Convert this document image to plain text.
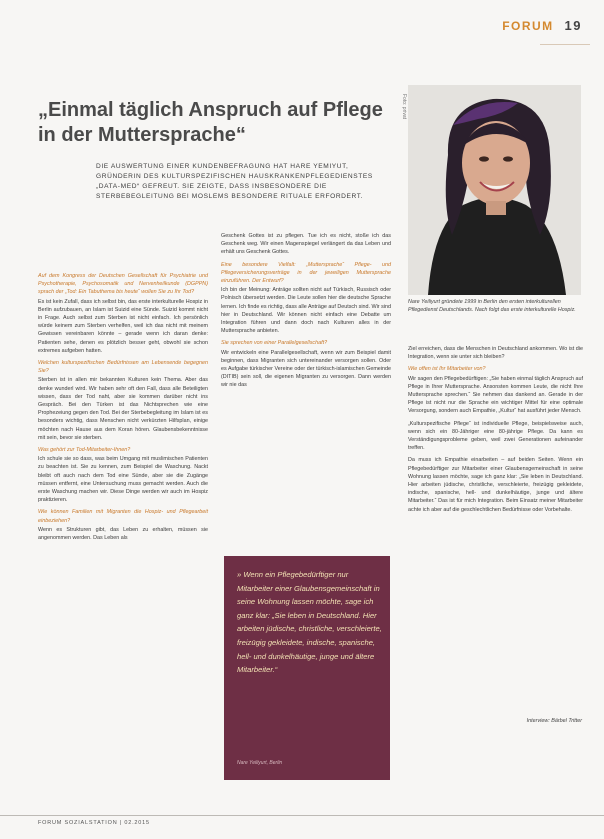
FORUM 19
„Einmal täglich Anspruch auf Pflege in der Muttersprache“
DIE AUSWERTUNG EINER KUNDENBEFRAGUNG HAT HARE YEMIYUT, GRÜNDERIN DES KULTURSPEZIFISCHEN HAUSKRANKENPFLEGEDIENSTES „DATA-MED“ GEFREUT. SIE ZEIGTE, DASS INSBESONDERE DIE STERBEBEGLEITUNG BEI MOSLEMS BESONDERE RITUALE ERFORDERT.
Foto: privat
Nare Yeiliyurt gründete 1999 in Berlin den ersten interkulturellen Pflegedienst Deutschlands. Nach folgt das erste interkulturelle Hospiz.

Auf dem Kongress der Deutschen Gesellschaft für Psychiatrie und Psychotherapie, Psychosomatik und Nervenheilkunde (DGPPN) sprach der „Tod: Ein Tabuthema bis heute“ wollen Sie zu Ihr Tod?
Es ist kein Zufall, dass ich selbst bin, das erste interkulturelle Hospiz in Berlin aufzubauen, an Islam ist Suizid eine Sünde. Suizid kommt nicht in Frage. Auch selbst zum Sterben ist nicht einfach. Ich persönlich würde keinem zum Sterben verhelfen, weil ich das nicht mit meinem Gewissen vereinbaren könnte – gerade wenn ich daran denke: Patienten sehe, denen es plötzlich besser geht, obwohl sie schon extremes aufgeben hatten.

Welchen kulturspezifischen Bedürfnissen am Lebensende begegnen Sie?
Sterben ist in allen mir bekannten Kulturen kein Thema. Aber das denke wunderl wird. Wir haben sehr oft den Fall, dass alle Beteiligten wissen, dass der Tod naht, aber sie kommen darüber nicht ins Gespräch. Bei den Türken ist das Nichtsprechen wie eine Prophezeiung gegen den Tod. Bei der Sterbebegleitung im Islam ist es besonders wichtig, dass Menschen nicht verkürzten Hilfsplan, einige möchten nach Hause aus dem Koran hören. Glaubensbekenntnisse mit sein, bevor sie sterben.

Was gehört zur Tod-Mitarbeiter-Ihnen?
Ich schule sie so dass, was beim Umgang mit muslimischen Patienten zu beachten ist. Sie zu kennen, zum Beispiel die Waschung. Nackt bleibt oft auch nach dem Tod eine Sünde, aber sie die Zugänge müssen entfernt, eine Untersuchung muss gemacht werden. Auch die erste Waschung machen wir. Diese Dinge werden wir auch im Hospiz praktizieren.

Wie können Familien mit Migranten die Hospiz- und Pflegearbeit einbeziehen?
Wenn es Strukturen gibt, das Leben zu erhalten, müssen sie angenommen werden. Das Leben als

Geschenk Gottes ist zu pflegen. Tue ich es nicht, stoße ich das Geschenk weg. Wir einen Magenspiegel verlängert da das Leben und erhält uns Geschenk Gottes.

Eine besondere Vielfalt: „Muttersprache“ Pflege- und Pflegeversicherungsverträge in der jeweiligen Muttersprache einzuführen. Der Entwurf?
Ich bin der Meinung: Anträge sollten nicht auf Türkisch, Russisch oder Polnisch übersetzt werden. Die Leute sollen hier die deutsche Sprache lernen. Ich finde es richtig, dass alle Anträge auf Deutsch sind. Wir sind hier in Deutschland. Wir können nicht einfach eine Debatte um Integration führen und dann doch nach Kulturen alles in der Muttersprache anbieten.

Sie sprechen von einer Parallelgesellschaft?
Wir entwickeln eine Parallelgesellschaft, wenn wir zum Beispiel damit beginnen, dass Migranten sich untereinander versorgen sollen. Oder es Aufgabe türkischer Vereine oder der türkisch-islamischen Gemeinde (DITIB) sein soll, die eigenen Migranten zu versorgen. Dann werden wir nie das

» Wenn ein Pflegebedürftiger nur Mitarbeiter einer Glaubensgemeinschaft in seine Wohnung lassen möchte, sage ich ganz klar: „Sie leben in Deutschland. Hier arbeiten jüdische, christliche, verschleierte, freizügig gekleidete, indische, spanische, hell- und dunkelhäutige, junge und ältere Mitarbeiter.“
Nare Yeiliyurt, Berlin

Ziel erreichen, dass die Menschen in Deutschland ankommen. Wo ist die Integration, wenn sie unter sich bleiben?

Wie offen ist Ihr Mitarbeiter von?
Wir sagen den Pflegebedürftigen: „Sie haben einmal täglich Anspruch auf Pflege in Ihrer Muttersprache. Ansonsten kommen Leute, die nicht Ihre Muttersprache sprechen.“ Sie nehmen das dankend an. Gerade in der Pflege ist nicht nur die Sprache ein wichtiger Mittel für eine optimale Versorgung, sondern auch Empathie, „Kultur“ hat ausführt jeder Mensch.

„Kulturspezifische Pflege“ ist individuelle Pflege, beispielsweise auch, wenn sich ein 80-Jähriger eine 80-jährige Pflege. Da kann es Verständigungsprobleme geben, weil zwei Generationen aufeinander treffen.

Da muss ich Empathie einarbeiten – auf beiden Seiten. Wenn ein Pflegebedürftiger zur Mitarbeiter einer Glaubensgemeinschaft in seine Wohnung lassen möchte, sage ich ganz klar: „Sie leben in Deutschland. Hier arbeiten jüdische, christliche, verschleierte, freizügig gekleidete, indische, spanische, hell- und dunkelhäutige, junge und ältere Mitarbeiter.“ Das ist für mich Integration. Beim Einsatz meiner Mitarbeiter achte ich aber auf die geschlechtlichen Bedürfnisse oder Vorbehalte.

Interview: Bärbel Tritter
FORUM SOZIALSTATION | 02.2015
